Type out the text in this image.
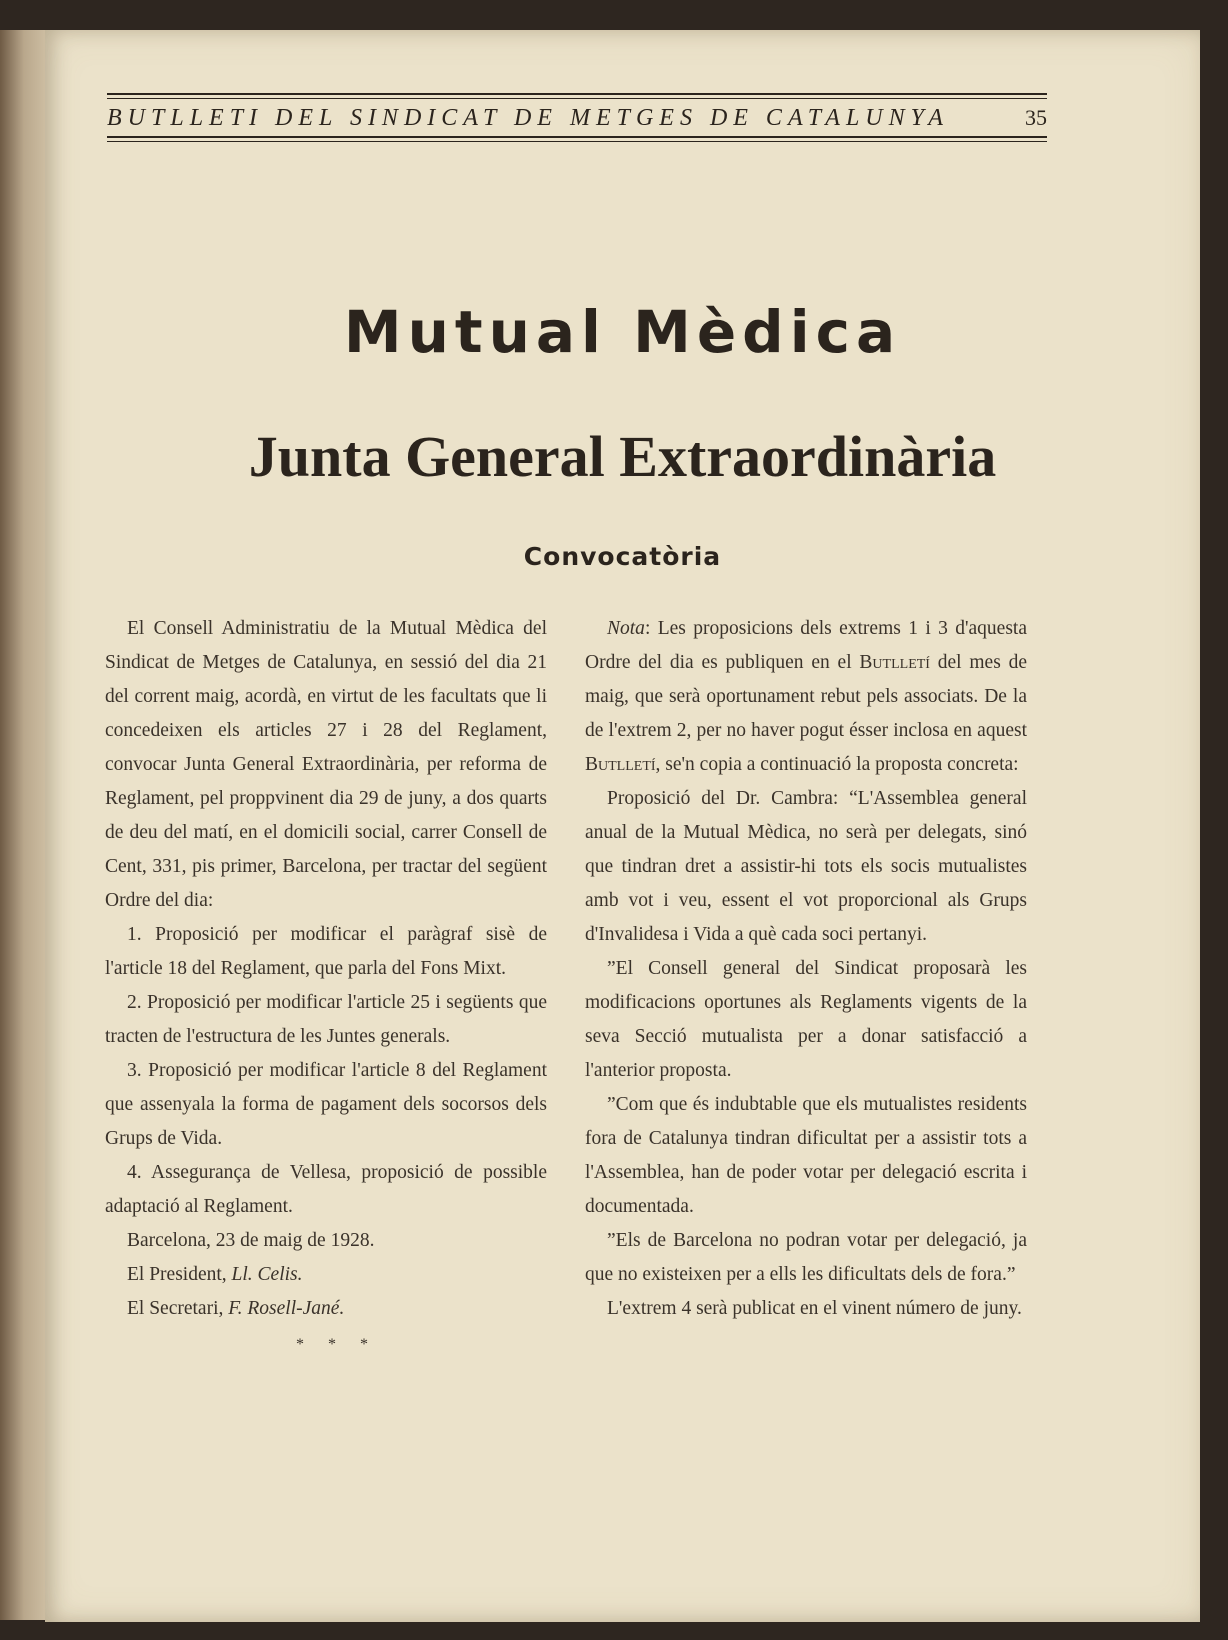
BUTLLETI DEL SINDICAT DE METGES DE CATALUNYA	35
Mutual Mèdica
Junta General Extraordinària
Convocatòria

El Consell Administratiu de la Mutual Mèdica del Sindicat de Metges de Catalunya, en sessió del dia 21 del corrent maig, acordà, en virtut de les facultats que li concedeixen els articles 27 i 28 del Reglament, convocar Junta General Extraordinària, per reforma de Reglament, pel proppvinent dia 29 de juny, a dos quarts de deu del matí, en el domicili social, carrer Consell de Cent, 331, pis primer, Barcelona, per tractar del següent Ordre del dia:

1. Proposició per modificar el paràgraf sisè de l'article 18 del Reglament, que parla del Fons Mixt.

2. Proposició per modificar l'article 25 i següents que tracten de l'estructura de les Juntes generals.

3. Proposició per modificar l'article 8 del Reglament que assenyala la forma de pagament dels socorsos dels Grups de Vida.

4. Assegurança de Vellesa, proposició de possible adaptació al Reglament.

Barcelona, 23 de maig de 1928.

El President, Ll. Celis.

El Secretari, F. Rosell-Jané.

* * *

Nota: Les proposicions dels extrems 1 i 3 d'aquesta Ordre del dia es publiquen en el Butlletí del mes de maig, que serà oportunament rebut pels associats. De la de l'extrem 2, per no haver pogut ésser inclosa en aquest Butlletí, se'n copia a continuació la proposta concreta:

Proposició del Dr. Cambra: “L'Assemblea general anual de la Mutual Mèdica, no serà per delegats, sinó que tindran dret a assistir-hi tots els socis mutualistes amb vot i veu, essent el vot proporcional als Grups d'Invalidesa i Vida a què cada soci pertanyi.

”El Consell general del Sindicat proposarà les modificacions oportunes als Reglaments vigents de la seva Secció mutualista per a donar satisfacció a l'anterior proposta.

”Com que és indubtable que els mutualistes residents fora de Catalunya tindran dificultat per a assistir tots a l'Assemblea, han de poder votar per delegació escrita i documentada.

”Els de Barcelona no podran votar per delegació, ja que no existeixen per a ells les dificultats dels de fora.”

L'extrem 4 serà publicat en el vinent número de juny.
